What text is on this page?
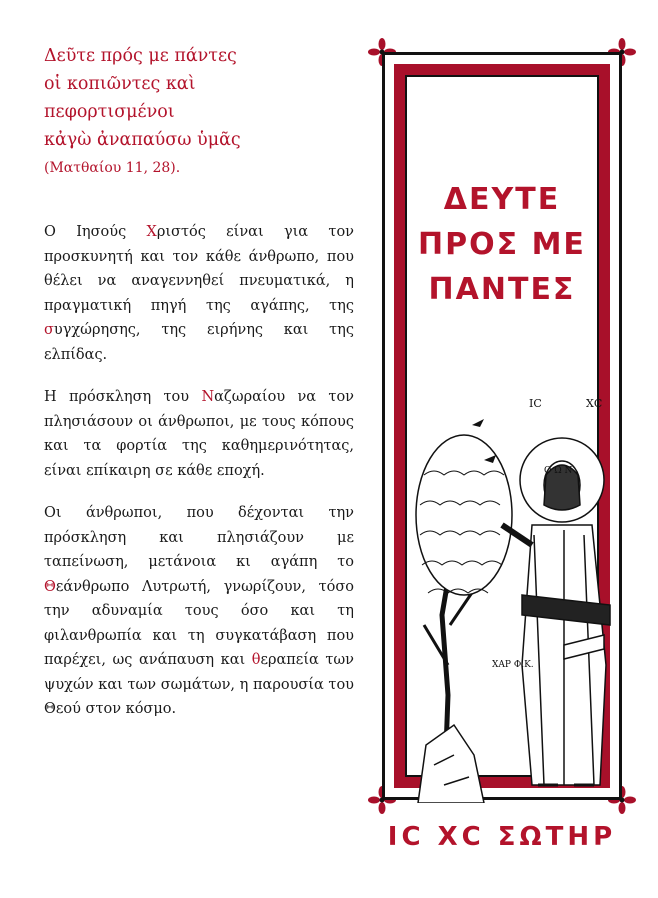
Δεῦτε πρός με πάντες
οἱ κοπιῶντες καὶ
πεφορτισμένοι
κἀγὼ ἀναπαύσω ὑμᾶς
(Ματθαίου 11, 28).

Ο Ιησούς Χριστός είναι για τον προσκυνητή και τον κάθε άνθρωπο, που θέλει να αναγεννηθεί πνευματικά, η πραγματική πηγή της αγάπης, της συγχώρησης, της ειρήνης και της ελπίδας.

Η πρόσκληση του Ναζωραίου να τον πλησιάσουν οι άνθρωποι, με τους κόπους και τα φορτία της καθημερινότητας, είναι επίκαιρη σε κάθε εποχή.

Οι άνθρωποι, που δέχονται την πρόσκληση και πλησιάζουν με ταπείνωση, μετάνοια κι αγάπη το Θεάνθρωπο Λυτρωτή, γνωρίζουν, τόσο την αδυναμία τους όσο και τη φιλανθρωπία και τη συγκατάβαση που παρέχει, ως ανάπαυση και θεραπεία των ψυχών και των σωμάτων, η παρουσία του Θεού στον κόσμο.

ΔΕΥΤΕ
ΠΡΟΣ ΜΕ
ΠΑΝΤΕΣ
ΙC	ΧC
Ο Ω Ν
ΧΑΡ Φ.Κ.
ΙC ΧC ΣΩΤΗΡ
